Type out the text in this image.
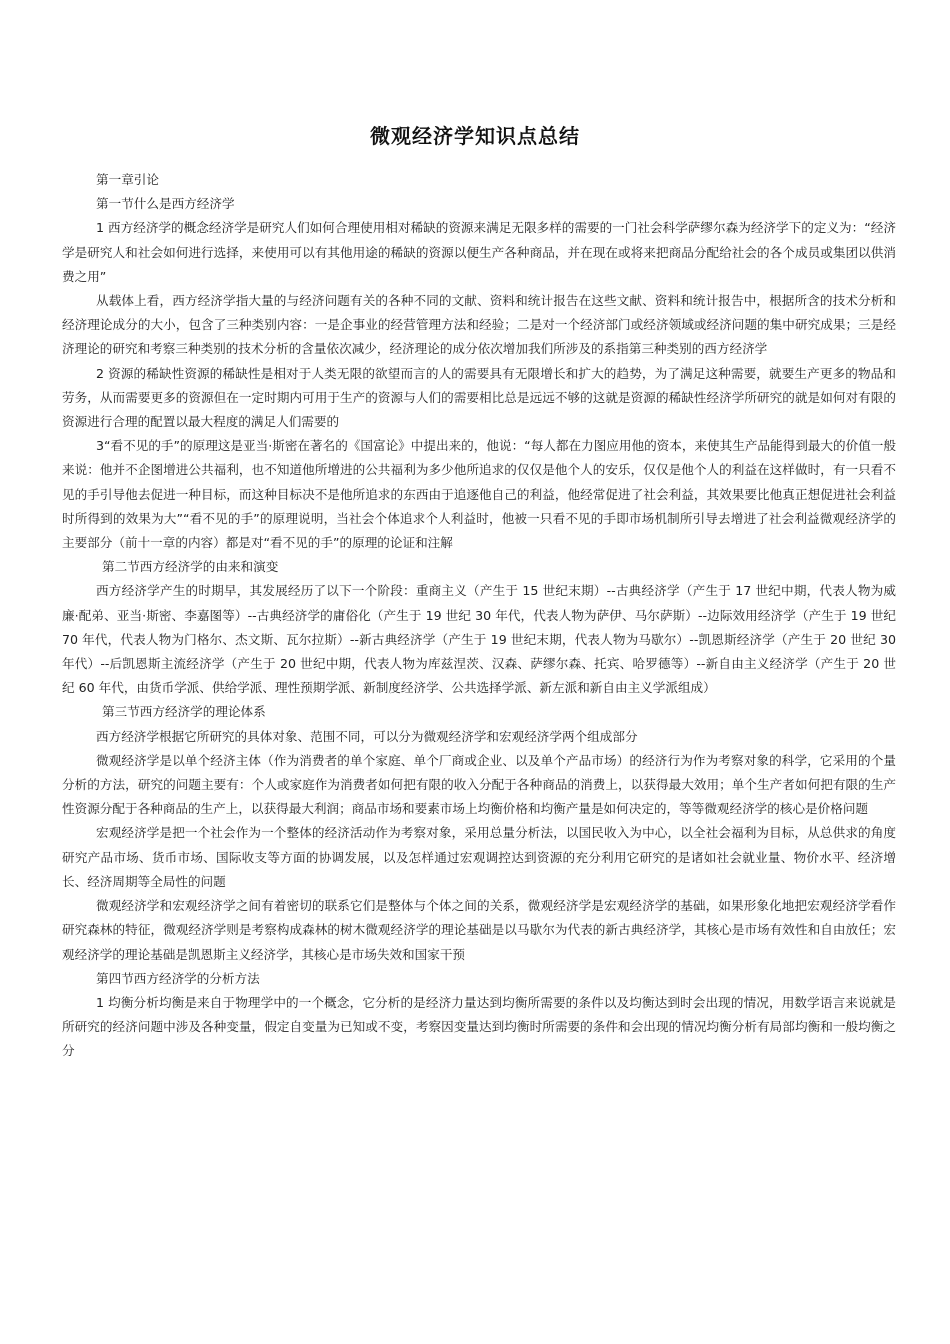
微观经济学知识点总结

第一章引论

第一节什么是西方经济学

1 西方经济学的概念经济学是研究人们如何合理使用相对稀缺的资源来满足无限多样的需要的一门社会科学萨缪尔森为经济学下的定义为：“经济学是研究人和社会如何进行选择，来使用可以有其他用途的稀缺的资源以便生产各种商品，并在现在或将来把商品分配给社会的各个成员或集团以供消费之用”

从载体上看，西方经济学指大量的与经济问题有关的各种不同的文献、资料和统计报告在这些文献、资料和统计报告中，根据所含的技术分析和经济理论成分的大小，包含了三种类别内容：一是企事业的经营管理方法和经验；二是对一个经济部门或经济领域或经济问题的集中研究成果；三是经济理论的研究和考察三种类别的技术分析的含量依次减少，经济理论的成分依次增加我们所涉及的系指第三种类别的西方经济学

2 资源的稀缺性资源的稀缺性是相对于人类无限的欲望而言的人的需要具有无限增长和扩大的趋势，为了满足这种需要，就要生产更多的物品和劳务，从而需要更多的资源但在一定时期内可用于生产的资源与人们的需要相比总是远远不够的这就是资源的稀缺性经济学所研究的就是如何对有限的资源进行合理的配置以最大程度的满足人们需要的

3“看不见的手”的原理这是亚当·斯密在著名的《国富论》中提出来的，他说：“每人都在力图应用他的资本，来使其生产品能得到最大的价值一般来说：他并不企图增进公共福利，也不知道他所增进的公共福利为多少他所追求的仅仅是他个人的安乐，仅仅是他个人的利益在这样做时，有一只看不见的手引导他去促进一种目标，而这种目标决不是他所追求的东西由于追逐他自己的利益，他经常促进了社会利益，其效果要比他真正想促进社会利益时所得到的效果为大”“看不见的手”的原理说明，当社会个体追求个人利益时，他被一只看不见的手即市场机制所引导去增进了社会利益微观经济学的主要部分（前十一章的内容）都是对“看不见的手”的原理的论证和注解

第二节西方经济学的由来和演变

西方经济学产生的时期早，其发展经历了以下一个阶段：重商主义（产生于 15 世纪末期）--古典经济学（产生于 17 世纪中期，代表人物为威廉·配弟、亚当·斯密、李嘉图等）--古典经济学的庸俗化（产生于 19 世纪 30 年代，代表人物为萨伊、马尔萨斯）--边际效用经济学（产生于 19 世纪 70 年代，代表人物为门格尔、杰文斯、瓦尔拉斯）--新古典经济学（产生于 19 世纪末期，代表人物为马歇尔）--凯恩斯经济学（产生于 20 世纪 30 年代）--后凯恩斯主流经济学（产生于 20 世纪中期，代表人物为库兹涅茨、汉森、萨缪尔森、托宾、哈罗德等）--新自由主义经济学（产生于 20 世纪 60 年代，由货币学派、供给学派、理性预期学派、新制度经济学、公共选择学派、新左派和新自由主义学派组成）

第三节西方经济学的理论体系

西方经济学根据它所研究的具体对象、范围不同，可以分为微观经济学和宏观经济学两个组成部分

微观经济学是以单个经济主体（作为消费者的单个家庭、单个厂商或企业、以及单个产品市场）的经济行为作为考察对象的科学，它采用的个量分析的方法，研究的问题主要有：个人或家庭作为消费者如何把有限的收入分配于各种商品的消费上，以获得最大效用；单个生产者如何把有限的生产性资源分配于各种商品的生产上，以获得最大利润；商品市场和要素市场上均衡价格和均衡产量是如何决定的，等等微观经济学的核心是价格问题

宏观经济学是把一个社会作为一个整体的经济活动作为考察对象，采用总量分析法，以国民收入为中心，以全社会福利为目标，从总供求的角度研究产品市场、货币市场、国际收支等方面的协调发展，以及怎样通过宏观调控达到资源的充分利用它研究的是诸如社会就业量、物价水平、经济增长、经济周期等全局性的问题

微观经济学和宏观经济学之间有着密切的联系它们是整体与个体之间的关系，微观经济学是宏观经济学的基础，如果形象化地把宏观经济学看作研究森林的特征，微观经济学则是考察构成森林的树木微观经济学的理论基础是以马歇尔为代表的新古典经济学，其核心是市场有效性和自由放任；宏观经济学的理论基础是凯恩斯主义经济学，其核心是市场失效和国家干预

第四节西方经济学的分析方法

1 均衡分析均衡是来自于物理学中的一个概念，它分析的是经济力量达到均衡所需要的条件以及均衡达到时会出现的情况，用数学语言来说就是所研究的经济问题中涉及各种变量，假定自变量为已知或不变，考察因变量达到均衡时所需要的条件和会出现的情况均衡分析有局部均衡和一般均衡之分
